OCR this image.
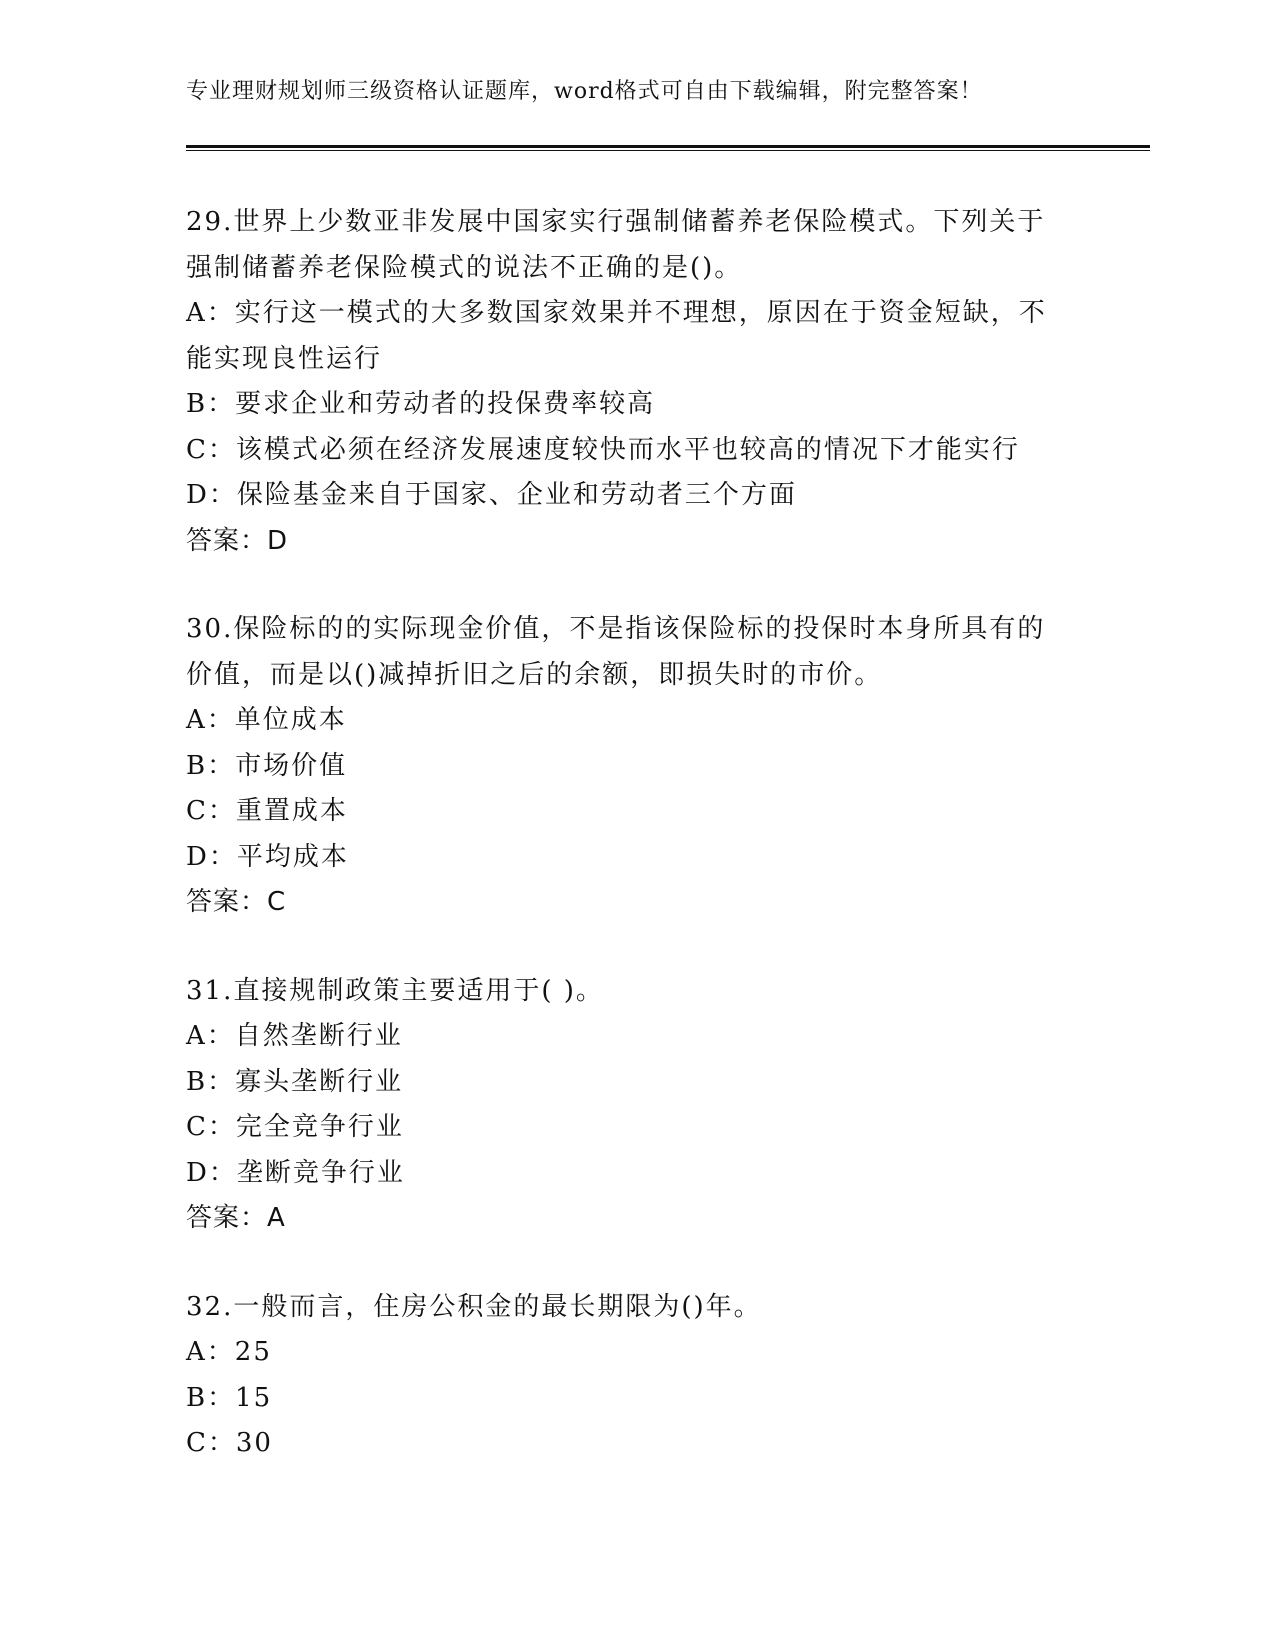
专业理财规划师三级资格认证题库，word格式可自由下载编辑，附完整答案！
29.世界上少数亚非发展中国家实行强制储蓄养老保险模式。下列关于
强制储蓄养老保险模式的说法不正确的是()。
A：实行这一模式的大多数国家效果并不理想，原因在于资金短缺，不
能实现良性运行
B：要求企业和劳动者的投保费率较高
C：该模式必须在经济发展速度较快而水平也较高的情况下才能实行
D：保险基金来自于国家、企业和劳动者三个方面
答案：D
30.保险标的的实际现金价值，不是指该保险标的投保时本身所具有的
价值，而是以()减掉折旧之后的余额，即损失时的市价。
A：单位成本
B：市场价值
C：重置成本
D：平均成本
答案：C
31.直接规制政策主要适用于( )。
A：自然垄断行业
B：寡头垄断行业
C：完全竞争行业
D：垄断竞争行业
答案：A
32.一般而言，住房公积金的最长期限为()年。
A：25
B：15
C：30
